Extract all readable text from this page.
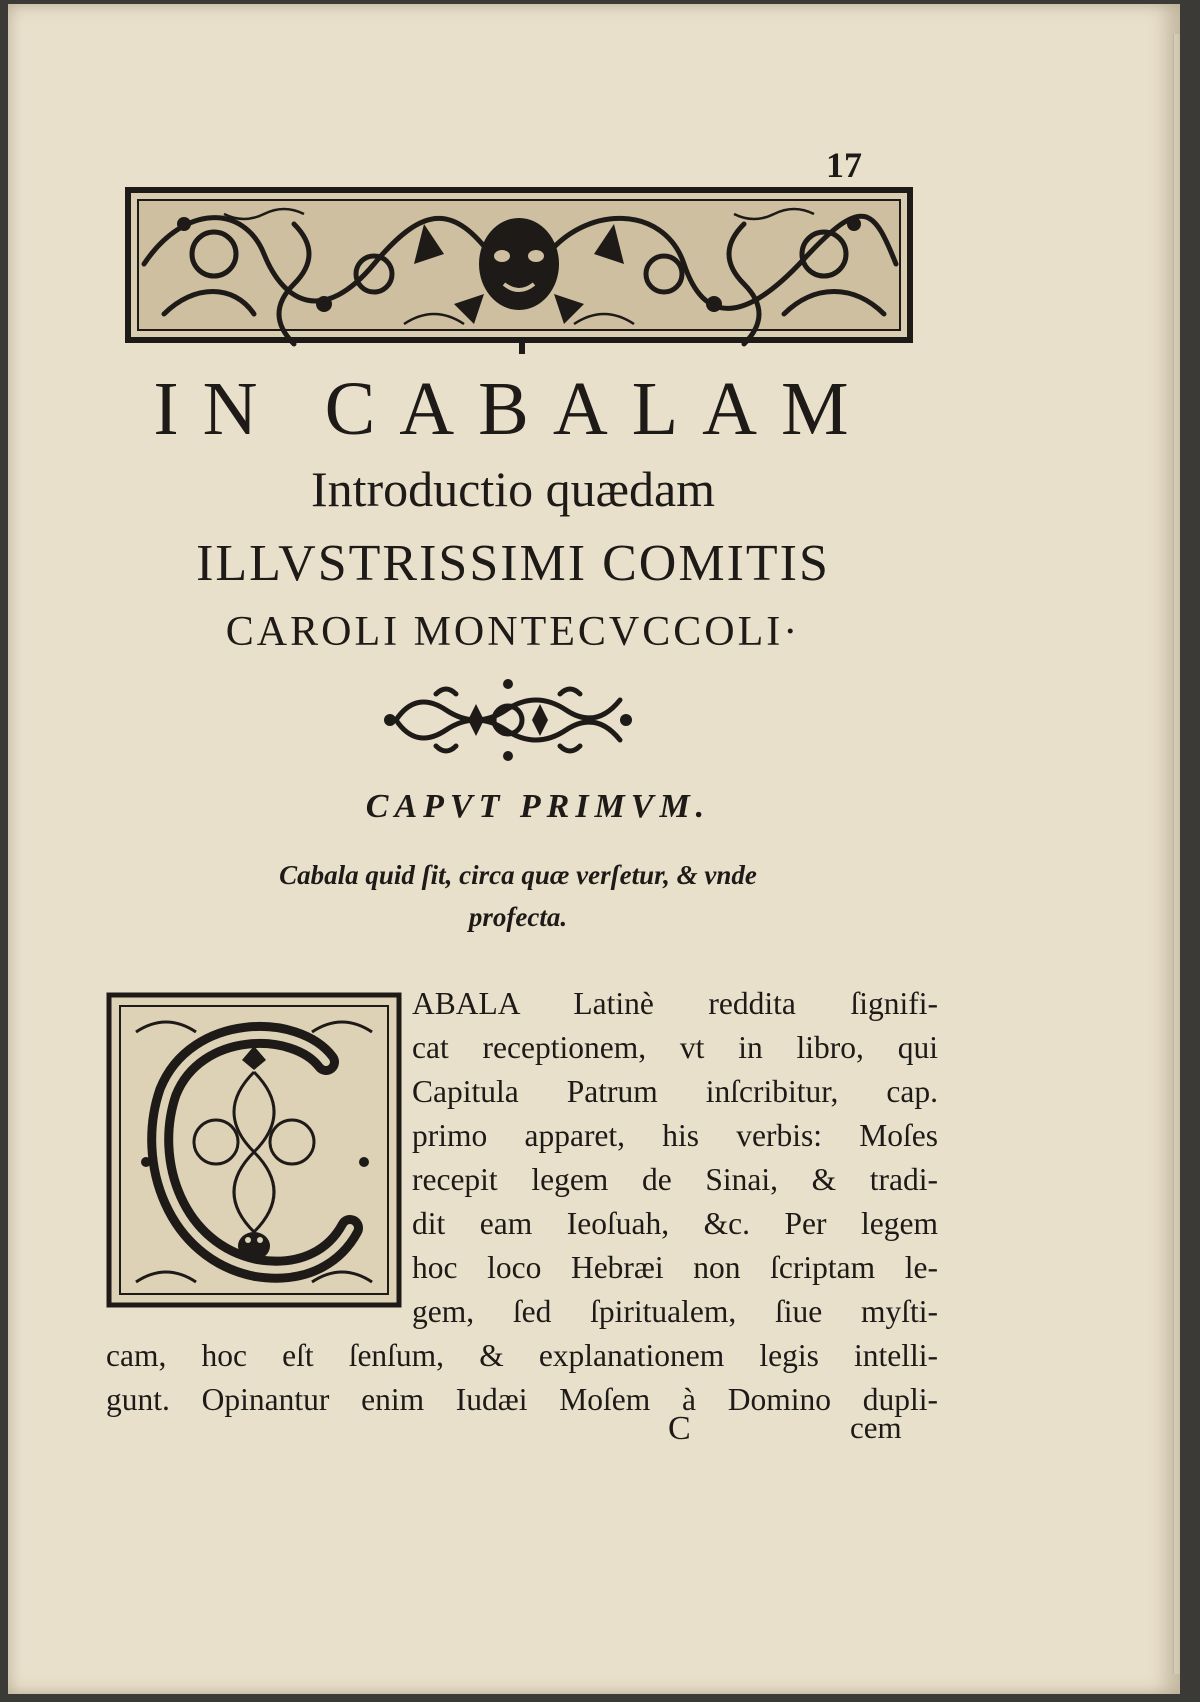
17
IN CABALAM
Introductio quædam
ILLVSTRISSIMI COMITIS
CAROLI MONTECVCCOLI·
CAPVT PRIMVM.
Cabala quid ſit, circa quæ verſetur, & vnde
profecta.
ABALA Latinè reddita ſignifi-
cat receptionem, vt in libro, qui
Capitula Patrum inſcribitur, cap.
primo apparet, his verbis: Moſes
recepit legem de Sinai, & tradi-
dit eam Ieoſuah, &c. Per legem
hoc loco Hebræi non ſcriptam le-
gem, ſed ſpiritualem, ſiue myſti-
cam, hoc eſt ſenſum, & explanationem legis intelli-
gunt. Opinantur enim Iudæi Moſem à Domino dupli-
C	cem
